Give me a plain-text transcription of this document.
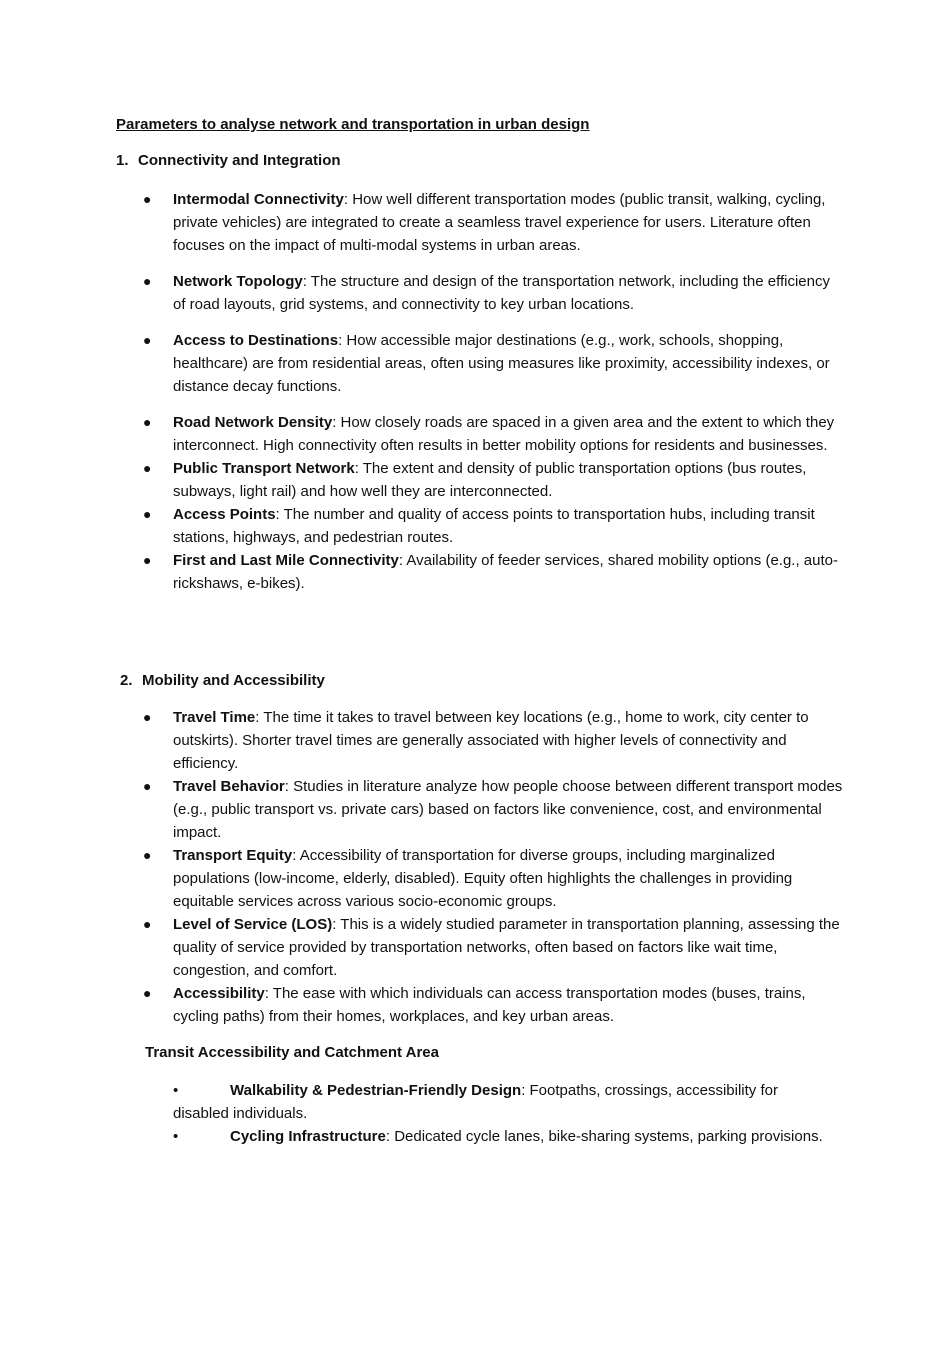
Parameters to analyse network and transportation in urban design
1. Connectivity and Integration
● Intermodal Connectivity: How well different transportation modes (public transit, walking, cycling, private vehicles) are integrated to create a seamless travel experience for users. Literature often focuses on the impact of multi-modal systems in urban areas.
● Network Topology: The structure and design of the transportation network, including the efficiency of road layouts, grid systems, and connectivity to key urban locations.
● Access to Destinations: How accessible major destinations (e.g., work, schools, shopping, healthcare) are from residential areas, often using measures like proximity, accessibility indexes, or distance decay functions.
● Road Network Density: How closely roads are spaced in a given area and the extent to which they interconnect. High connectivity often results in better mobility options for residents and businesses.
● Public Transport Network: The extent and density of public transportation options (bus routes, subways, light rail) and how well they are interconnected.
● Access Points: The number and quality of access points to transportation hubs, including transit stations, highways, and pedestrian routes.
● First and Last Mile Connectivity: Availability of feeder services, shared mobility options (e.g., auto-rickshaws, e-bikes).
2. Mobility and Accessibility
● Travel Time: The time it takes to travel between key locations (e.g., home to work, city center to outskirts). Shorter travel times are generally associated with higher levels of connectivity and efficiency.
● Travel Behavior: Studies in literature analyze how people choose between different transport modes (e.g., public transport vs. private cars) based on factors like convenience, cost, and environmental impact.
● Transport Equity: Accessibility of transportation for diverse groups, including marginalized populations (low-income, elderly, disabled). Equity often highlights the challenges in providing equitable services across various socio-economic groups.
● Level of Service (LOS): This is a widely studied parameter in transportation planning, assessing the quality of service provided by transportation networks, often based on factors like wait time, congestion, and comfort.
● Accessibility: The ease with which individuals can access transportation modes (buses, trains, cycling paths) from their homes, workplaces, and key urban areas.
Transit Accessibility and Catchment Area
•	Walkability & Pedestrian-Friendly Design: Footpaths, crossings, accessibility for disabled individuals.
•	Cycling Infrastructure: Dedicated cycle lanes, bike-sharing systems, parking provisions.
